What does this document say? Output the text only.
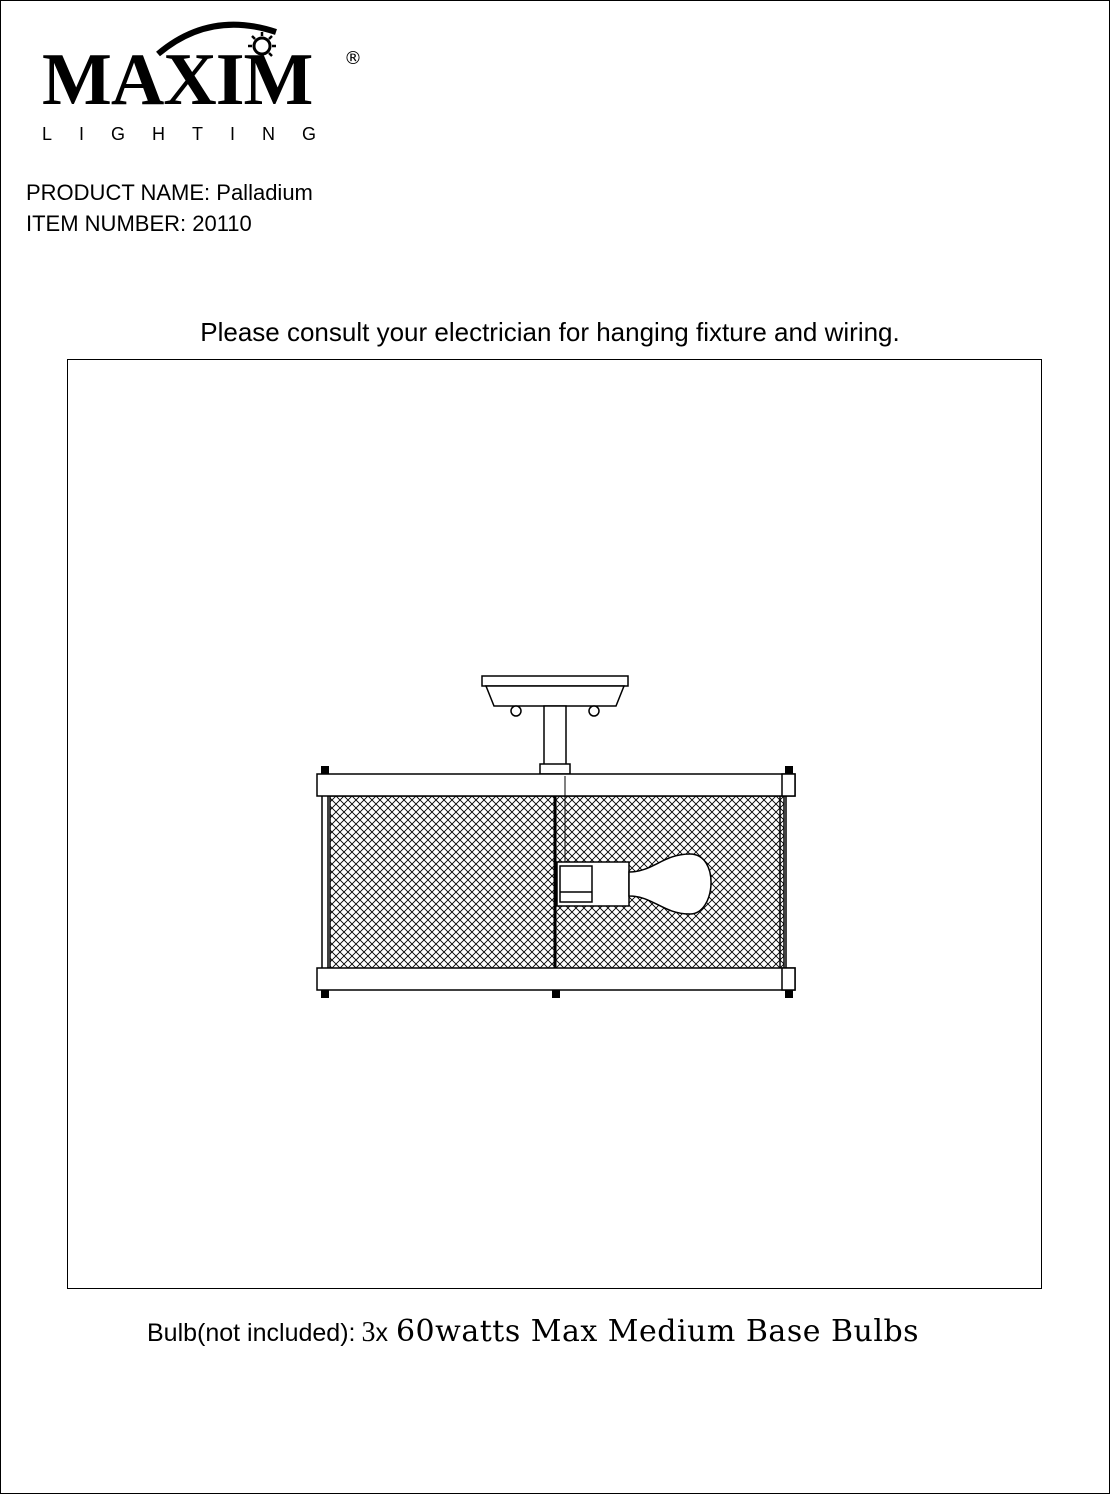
MAXIM ®
LIGHTING
PRODUCT NAME: Palladium
ITEM NUMBER: 20110
Please consult your electrician for hanging fixture and wiring.
Bulb(not included): 3x 60watts Max Medium Base Bulbs
